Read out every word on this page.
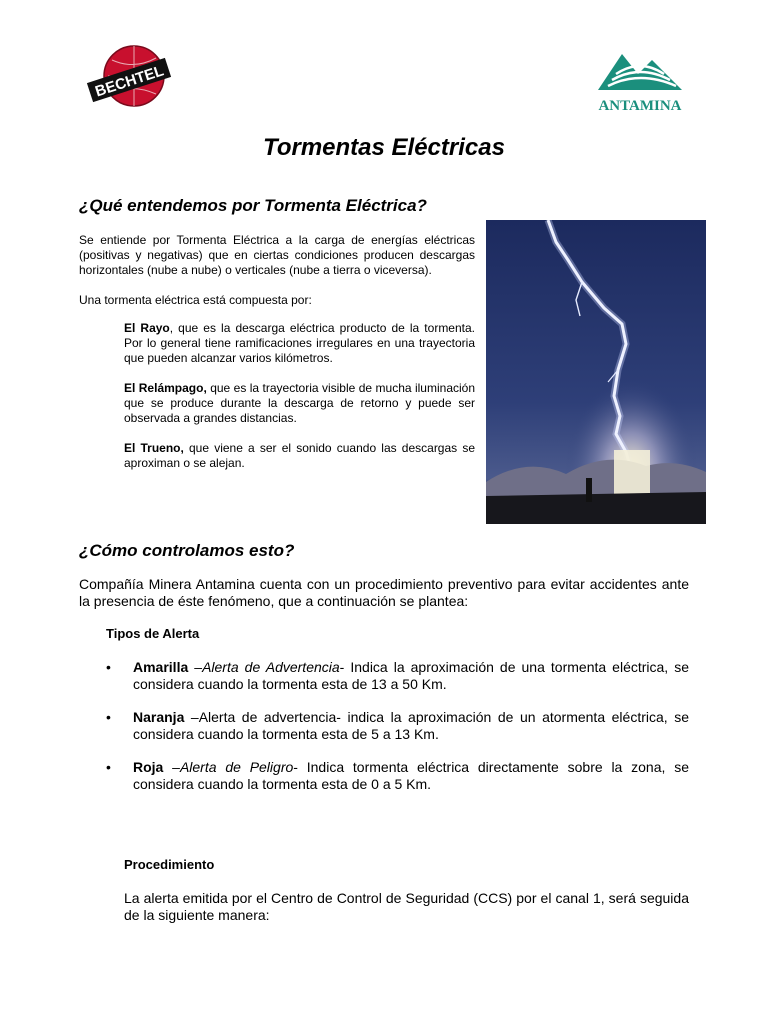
BECHTEL
ANTAMINA
Tormentas Eléctricas
¿Qué entendemos por Tormenta Eléctrica?
Se entiende por Tormenta Eléctrica a la carga de energías eléctricas (positivas y negativas) que en ciertas condiciones producen descargas horizontales (nube a nube) o verticales (nube a tierra o viceversa).
Una tormenta eléctrica está compuesta por:
El Rayo, que es la descarga eléctrica producto de la tormenta. Por lo general tiene ramificaciones irregulares en una trayectoria que pueden alcanzar varios kilómetros.
El Relámpago, que es la trayectoria visible de mucha iluminación que se produce durante la descarga de retorno y puede ser observada a grandes distancias.
El Trueno, que viene a ser el sonido cuando las descargas se aproximan o se alejan.
¿Cómo controlamos esto?
Compañía Minera Antamina cuenta con un procedimiento preventivo para evitar accidentes ante la presencia de éste fenómeno, que a continuación se plantea:
Tipos de Alerta
• Amarilla –Alerta de Advertencia- Indica la aproximación de una tormenta eléctrica, se considera cuando la tormenta esta de 13 a 50 Km.
• Naranja –Alerta de advertencia- indica la aproximación de un atormenta eléctrica, se considera cuando la tormenta esta de 5 a 13 Km.
• Roja –Alerta de Peligro- Indica tormenta eléctrica directamente sobre la zona, se considera cuando la tormenta esta de 0 a 5 Km.
Procedimiento
La alerta emitida por el Centro de Control de Seguridad (CCS) por el canal 1, será seguida de la siguiente manera:
